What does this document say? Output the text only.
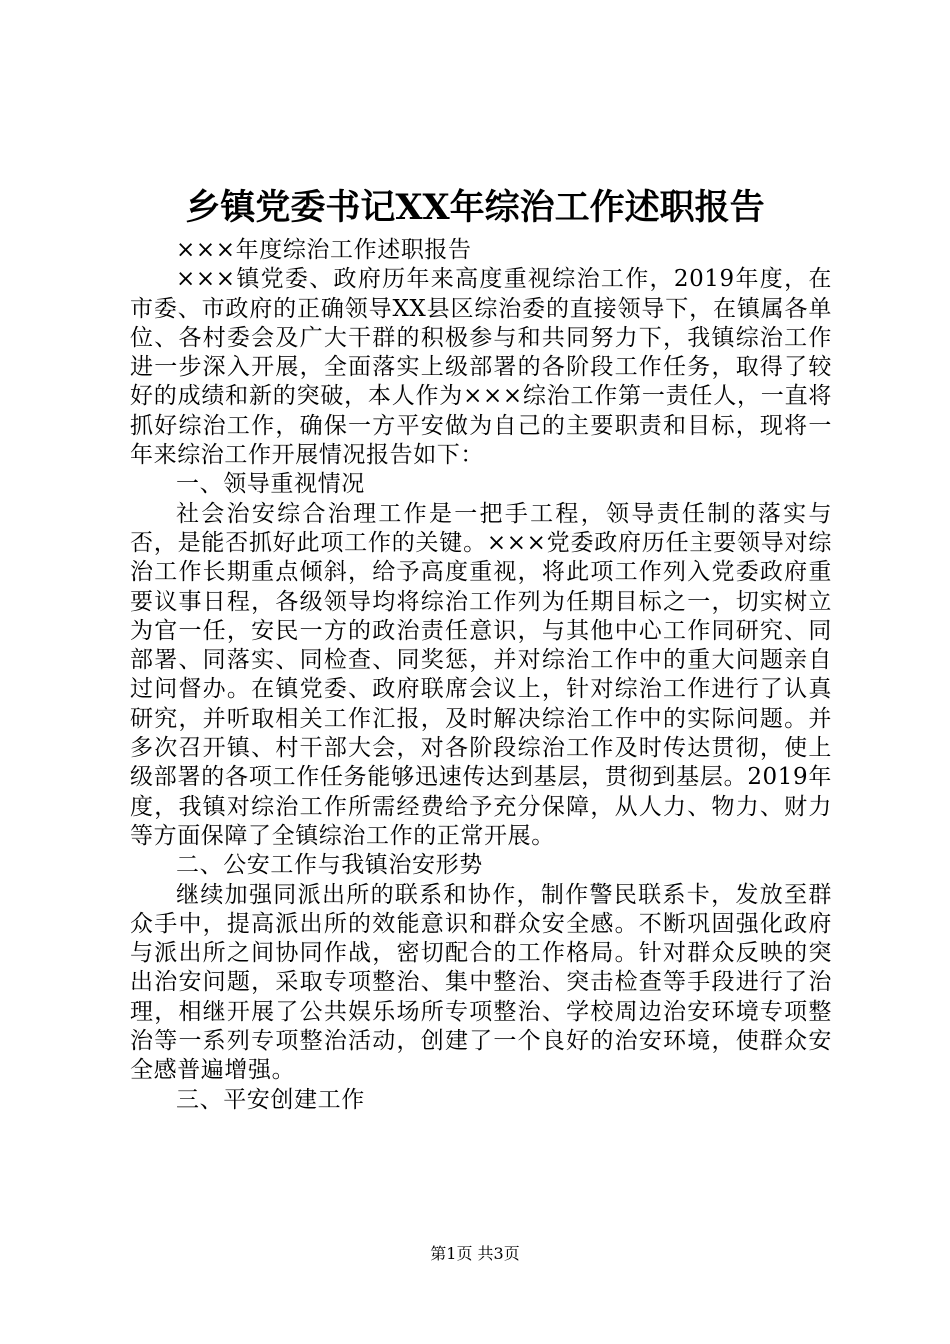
乡镇党委书记XX年综治工作述职报告

×××年度综治工作述职报告

×××镇党委、政府历年来高度重视综治工作，2019年度，在市委、市政府的正确领导XX县区综治委的直接领导下，在镇属各单位、各村委会及广大干群的积极参与和共同努力下，我镇综治工作进一步深入开展，全面落实上级部署的各阶段工作任务，取得了较好的成绩和新的突破，本人作为×××综治工作第一责任人，一直将抓好综治工作，确保一方平安做为自己的主要职责和目标，现将一年来综治工作开展情况报告如下：

一、领导重视情况

社会治安综合治理工作是一把手工程，领导责任制的落实与否，是能否抓好此项工作的关键。×××党委政府历任主要领导对综治工作长期重点倾斜，给予高度重视，将此项工作列入党委政府重要议事日程，各级领导均将综治工作列为任期目标之一，切实树立为官一任，安民一方的政治责任意识，与其他中心工作同研究、同部署、同落实、同检查、同奖惩，并对综治工作中的重大问题亲自过问督办。在镇党委、政府联席会议上，针对综治工作进行了认真研究，并听取相关工作汇报，及时解决综治工作中的实际问题。并多次召开镇、村干部大会，对各阶段综治工作及时传达贯彻，使上级部署的各项工作任务能够迅速传达到基层，贯彻到基层。2019年度，我镇对综治工作所需经费给予充分保障，从人力、物力、财力等方面保障了全镇综治工作的正常开展。

二、公安工作与我镇治安形势

继续加强同派出所的联系和协作，制作警民联系卡，发放至群众手中，提高派出所的效能意识和群众安全感。不断巩固强化政府与派出所之间协同作战，密切配合的工作格局。针对群众反映的突出治安问题，采取专项整治、集中整治、突击检查等手段进行了治理，相继开展了公共娱乐场所专项整治、学校周边治安环境专项整治等一系列专项整治活动，创建了一个良好的治安环境，使群众安全感普遍增强。

三、平安创建工作

第1页 共3页
